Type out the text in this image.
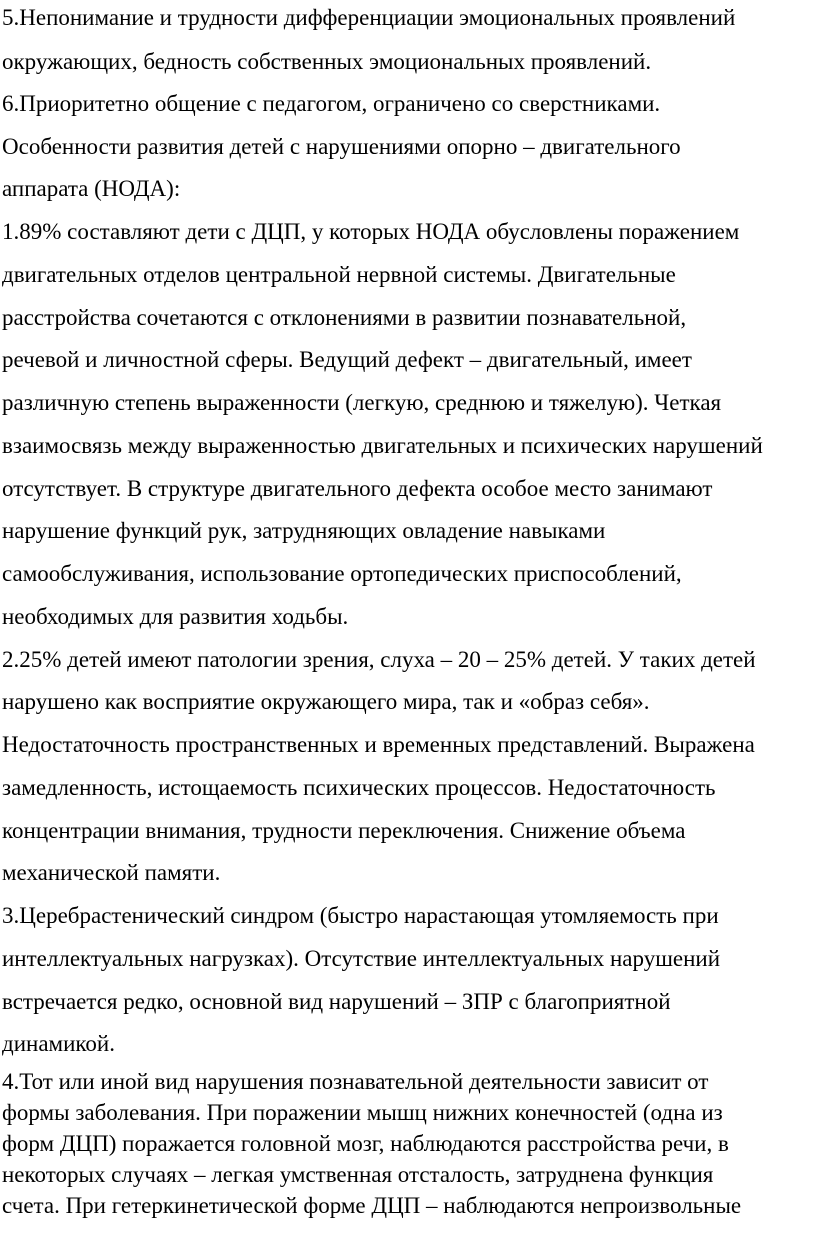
5.Непонимание и трудности дифференциации эмоциональных проявлений
окружающих, бедность собственных эмоциональных проявлений.
6.Приоритетно общение с педагогом, ограничено со сверстниками.
Особенности развития детей с нарушениями опорно – двигательного
аппарата (НОДА):
1.89% составляют дети с ДЦП, у которых НОДА обусловлены поражением
двигательных отделов центральной нервной системы. Двигательные
расстройства сочетаются с отклонениями в развитии познавательной,
речевой и личностной сферы. Ведущий дефект – двигательный, имеет
различную степень выраженности (легкую, среднюю и тяжелую). Четкая
взаимосвязь между выраженностью двигательных и психических нарушений
отсутствует. В структуре двигательного дефекта особое место занимают
нарушение функций рук, затрудняющих овладение навыками
самообслуживания, использование ортопедических приспособлений,
необходимых для развития ходьбы.
2.25% детей имеют патологии зрения, слуха – 20 – 25% детей. У таких детей
нарушено как восприятие окружающего мира, так и «образ себя».
Недостаточность пространственных и временных представлений. Выражена
замедленность, истощаемость психических процессов. Недостаточность
концентрации внимания, трудности переключения. Снижение объема
механической памяти.
3.Церебрастенический синдром (быстро нарастающая утомляемость при
интеллектуальных нагрузках). Отсутствие интеллектуальных нарушений
встречается редко, основной вид нарушений – ЗПР с благоприятной
динамикой.
4.Тот или иной вид нарушения познавательной деятельности зависит от
формы заболевания. При поражении мышц нижних конечностей (одна из
форм ДЦП) поражается головной мозг, наблюдаются расстройства речи, в
некоторых случаях – легкая умственная отсталость, затруднена функция
счета. При гетеркинетической форме ДЦП – наблюдаются непроизвольные
